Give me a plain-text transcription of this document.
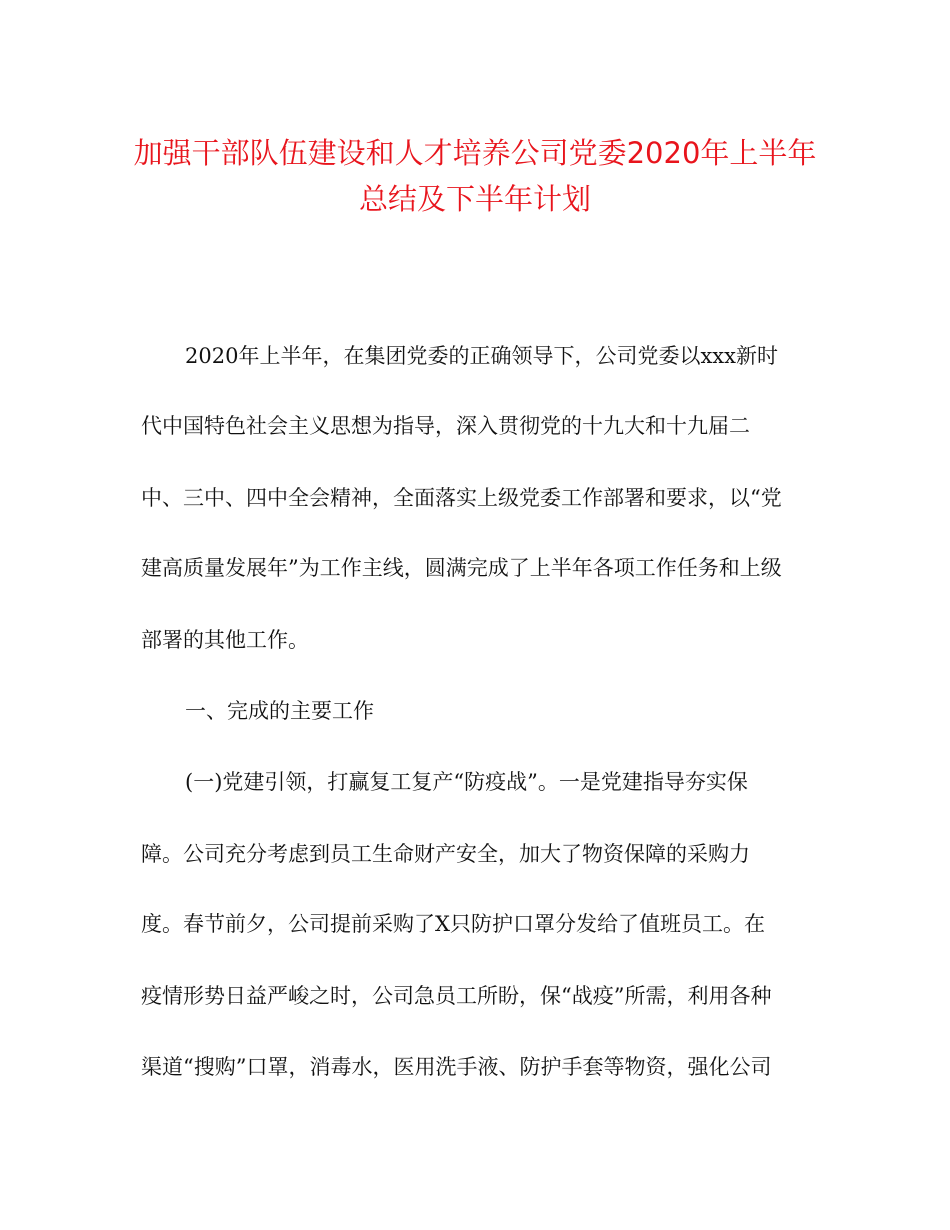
加强干部队伍建设和人才培养公司党委2020年上半年
总结及下半年计划
2020年上半年，在集团党委的正确领导下，公司党委以xxx新时
代中国特色社会主义思想为指导，深入贯彻党的十九大和十九届二
中、三中、四中全会精神，全面落实上级党委工作部署和要求，以“党
建高质量发展年”为工作主线，圆满完成了上半年各项工作任务和上级
部署的其他工作。
一、完成的主要工作
(一)党建引领，打赢复工复产“防疫战”。一是党建指导夯实保
障。公司充分考虑到员工生命财产安全，加大了物资保障的采购力
度。春节前夕，公司提前采购了X只防护口罩分发给了值班员工。在
疫情形势日益严峻之时，公司急员工所盼，保“战疫”所需，利用各种
渠道“搜购”口罩，消毒水，医用洗手液、防护手套等物资，强化公司
